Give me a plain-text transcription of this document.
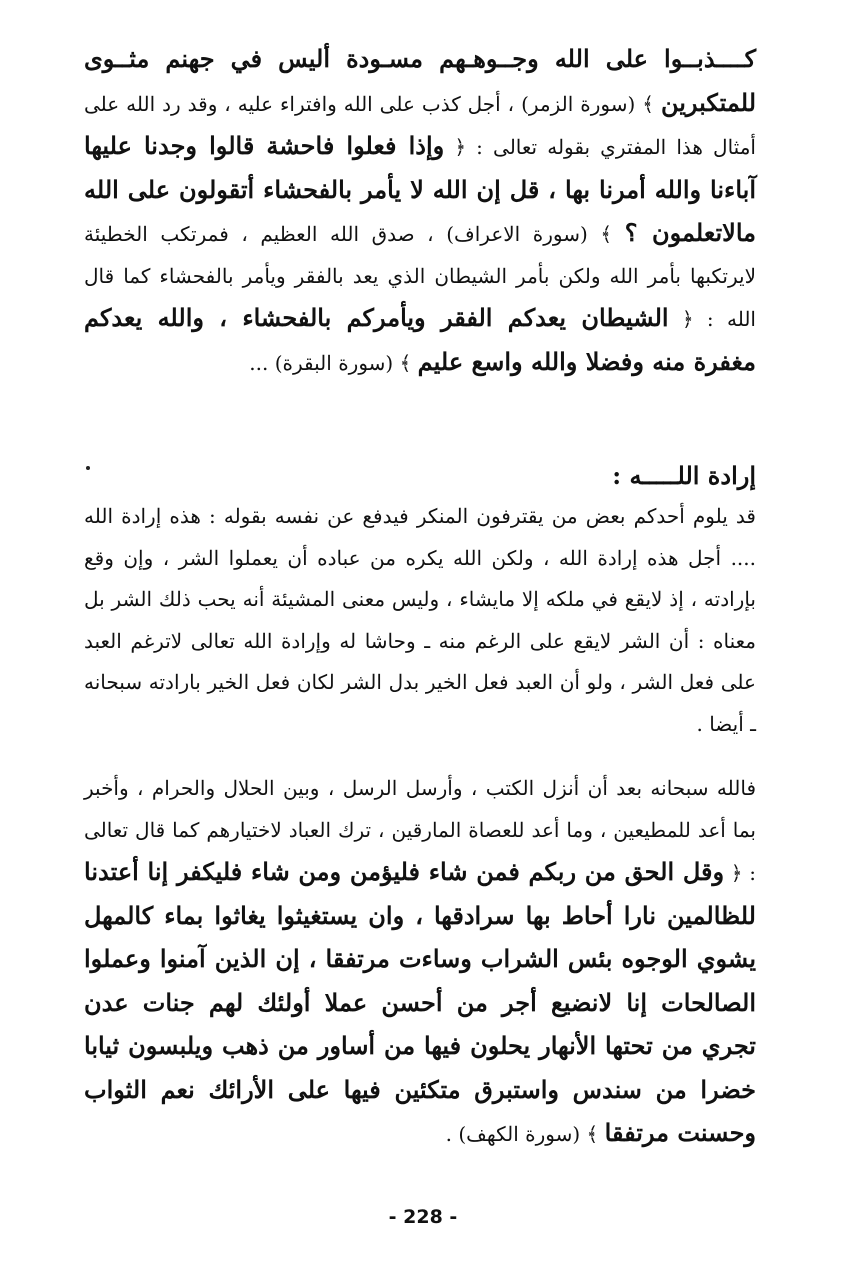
كــــذبــوا على الله وجــوهـهم مسـودة أليس في جهنم مثــوى للمتكبرين ﴾ (سورة الزمر) ، أجل كذب على الله وافتراء عليه ، وقد رد الله على أمثال هذا المفتري بقوله تعالى : ﴿ وإذا فعلوا فاحشة قالوا وجدنا عليها آباءنا والله أمرنا بها ، قل إن الله لا يأمر بالفحشاء أتقولون على الله مالاتعلمون ؟ ﴾ (سورة الاعراف) ، صدق الله العظيم ، فمرتكب الخطيئة لايرتكبها بأمر الله ولكن بأمر الشيطان الذي يعد بالفقر ويأمر بالفحشاء كما قال الله : ﴿ الشيطان يعدكم الفقر ويأمركم بالفحشاء ، والله يعدكم مغفرة منه وفضلا والله واسع عليم ﴾ (سورة البقرة) ...

إرادة اللـــــه :

قد يلوم أحدكم بعض من يقترفون المنكر فيدفع عن نفسه بقوله : هذه إرادة الله .... أجل هذه إرادة الله ، ولكن الله يكره من عباده أن يعملوا الشر ، وإن وقع بإرادته ، إذ لايقع في ملكه إلا مايشاء ، وليس معنى المشيئة أنه يحب ذلك الشر بل معناه : أن الشر لايقع على الرغم منه ـ وحاشا له وإرادة الله تعالى لاترغم العبد على فعل الشر ، ولو أن العبد فعل الخير بدل الشر لكان فعل الخير بارادته سبحانه ـ أيضا .

فالله سبحانه بعد أن أنزل الكتب ، وأرسل الرسل ، وبين الحلال والحرام ، وأخبر بما أعد للمطيعين ، وما أعد للعصاة المارقين ، ترك العباد لاختيارهم كما قال تعالى : ﴿ وقل الحق من ربكم فمن شاء فليؤمن ومن شاء فليكفر إنا أعتدنا للظالمين نارا أحاط بها سرادقها ، وان يستغيثوا يغاثوا بماء كالمهل يشوي الوجوه بئس الشراب وساءت مرتفقا ، إن الذين آمنوا وعملوا الصالحات إنا لانضيع أجر من أحسن عملا أولئك لهم جنات عدن تجري من تحتها الأنهار يحلون فيها من أساور من ذهب ويلبسون ثيابا خضرا من سندس واستبرق متكئين فيها على الأرائك نعم الثواب وحسنت مرتفقا ﴾ (سورة الكهف) .

- 228 -
